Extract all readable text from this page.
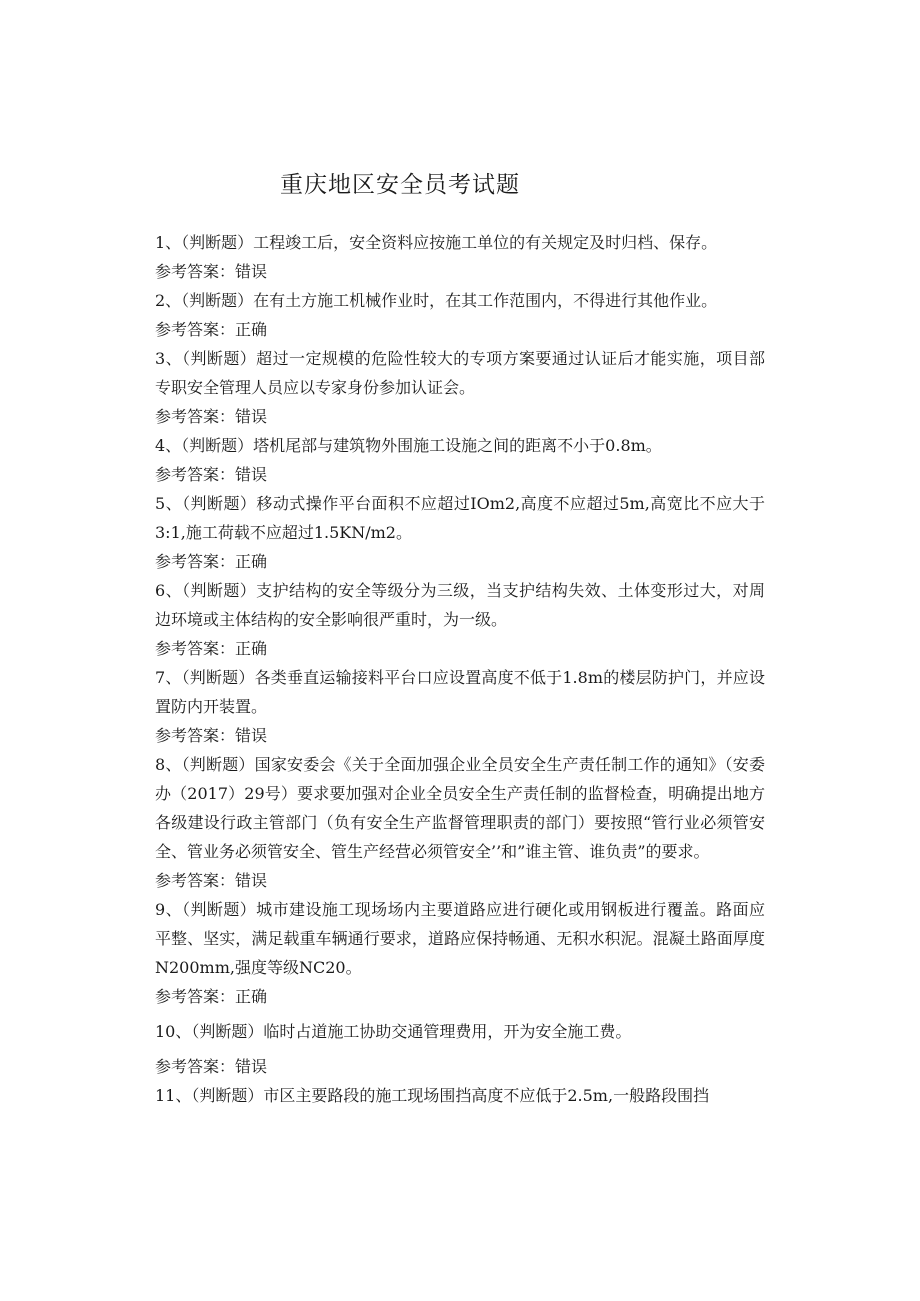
重庆地区安全员考试题
1、（判断题）工程竣工后，安全资料应按施工单位的有关规定及时归档、保存。
参考答案：错误
2、（判断题）在有土方施工机械作业时，在其工作范围内，不得进行其他作业。
参考答案：正确
3、（判断题）超过一定规模的危险性较大的专项方案要通过认证后才能实施，项目部专职安全管理人员应以专家身份参加认证会。
参考答案：错误
4、（判断题）塔机尾部与建筑物外围施工设施之间的距离不小于0.8m。
参考答案：错误
5、（判断题）移动式操作平台面积不应超过IOm2,高度不应超过5m,高宽比不应大于3:1,施工荷载不应超过1.5KN/m2。
参考答案：正确
6、（判断题）支护结构的安全等级分为三级，当支护结构失效、土体变形过大，对周边环境或主体结构的安全影响很严重时，为一级。
参考答案：正确
7、（判断题）各类垂直运输接料平台口应设置高度不低于1.8m的楼层防护门，并应设置防内开装置。
参考答案：错误
8、（判断题）国家安委会《关于全面加强企业全员安全生产责任制工作的通知》（安委办（2017）29号）要求要加强对企业全员安全生产责任制的监督检查，明确提出地方各级建设行政主管部门（负有安全生产监督管理职责的部门）要按照“管行业必须管安全、管业务必须管安全、管生产经营必须管安全’’和”谁主管、谁负责”的要求。
参考答案：错误
9、（判断题）城市建设施工现场场内主要道路应进行硬化或用钢板进行覆盖。路面应平整、坚实，满足载重车辆通行要求，道路应保持畅通、无积水积泥。混凝土路面厚度N200mm,强度等级NC20。
参考答案：正确
10、（判断题）临时占道施工协助交通管理费用，开为安全施工费。
参考答案：错误
11、（判断题）市区主要路段的施工现场围挡高度不应低于2.5m,一般路段围挡
